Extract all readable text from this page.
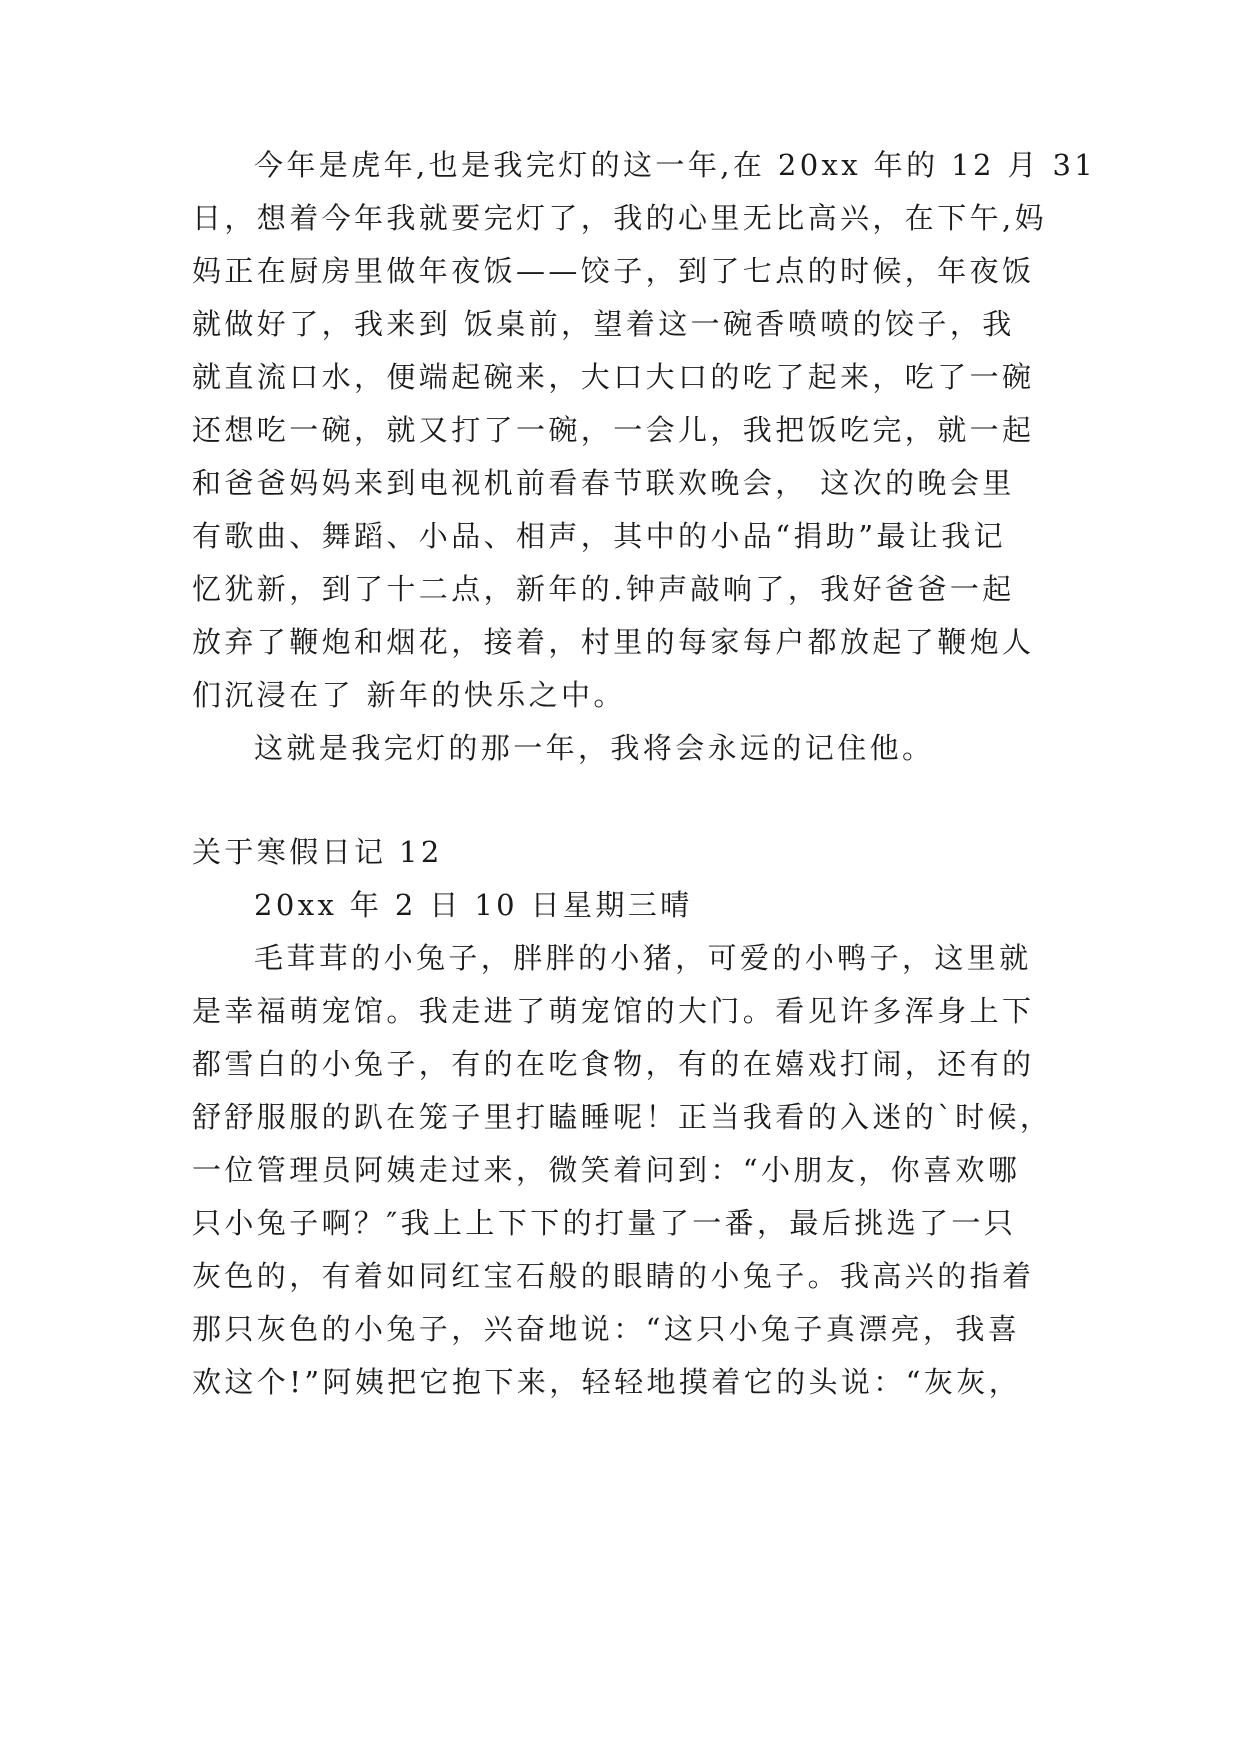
今年是虎年,也是我完灯的这一年,在 20xx 年的 12 月 31
日，想着今年我就要完灯了，我的心里无比高兴，在下午,妈
妈正在厨房里做年夜饭——饺子，到了七点的时候，年夜饭
就做好了，我来到 饭桌前，望着这一碗香喷喷的饺子，我
就直流口水，便端起碗来，大口大口的吃了起来，吃了一碗
还想吃一碗，就又打了一碗，一会儿，我把饭吃完，就一起
和爸爸妈妈来到电视机前看春节联欢晚会， 这次的晚会里
有歌曲、舞蹈、小品、相声，其中的小品“捐助”最让我记
忆犹新，到了十二点，新年的.钟声敲响了，我好爸爸一起
放弃了鞭炮和烟花，接着，村里的每家每户都放起了鞭炮人
们沉浸在了 新年的快乐之中。
这就是我完灯的那一年，我将会永远的记住他。
关于寒假日记 12
20xx 年 2 日 10 日星期三晴
毛茸茸的小兔子，胖胖的小猪，可爱的小鸭子，这里就
是幸福萌宠馆。我走进了萌宠馆的大门。看见许多浑身上下
都雪白的小兔子，有的在吃食物，有的在嬉戏打闹，还有的
舒舒服服的趴在笼子里打瞌睡呢！正当我看的入迷的`时候，
一位管理员阿姨走过来，微笑着问到：“小朋友，你喜欢哪
只小兔子啊？″我上上下下的打量了一番，最后挑选了一只
灰色的，有着如同红宝石般的眼睛的小兔子。我高兴的指着
那只灰色的小兔子，兴奋地说：“这只小兔子真漂亮，我喜
欢这个!”阿姨把它抱下来，轻轻地摸着它的头说：“灰灰，
